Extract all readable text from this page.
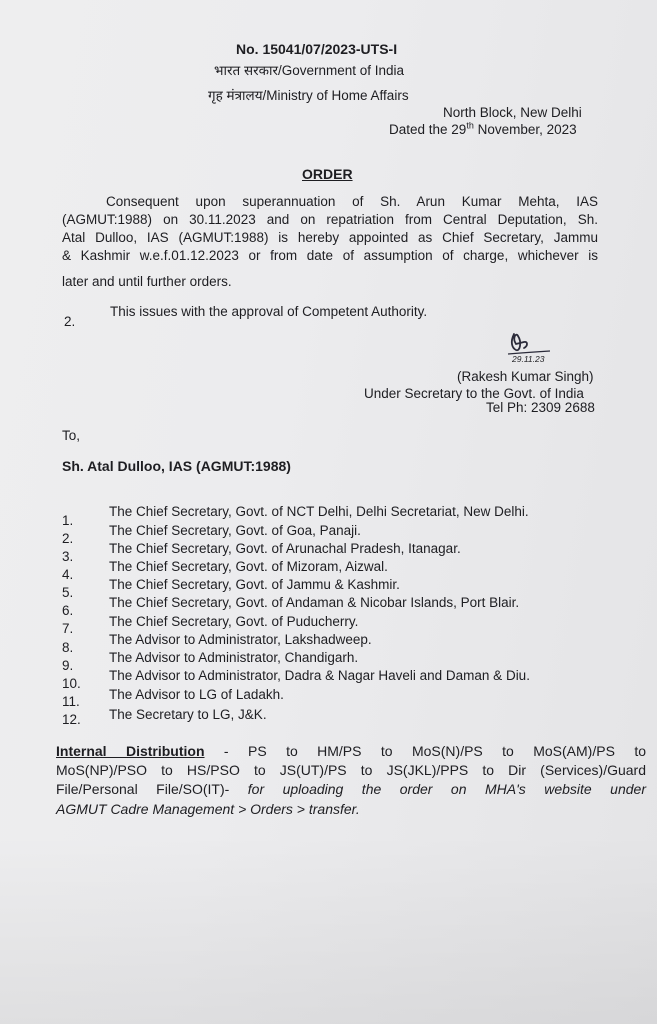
No. 15041/07/2023-UTS-I
भारत सरकार/Government of India
गृह मंत्रालय/Ministry of Home Affairs
North Block, New Delhi
Dated the 29th November, 2023
ORDER
Consequent upon superannuation of Sh. Arun Kumar Mehta, IAS
(AGMUT:1988) on 30.11.2023 and on repatriation from Central Deputation, Sh.
Atal Dulloo, IAS (AGMUT:1988) is hereby appointed as Chief Secretary, Jammu
& Kashmir w.e.f.01.12.2023 or from date of assumption of charge, whichever is
later and until further orders.
2.
This issues with the approval of Competent Authority.
29.11.23
(Rakesh Kumar Singh)
Under Secretary to the Govt. of India
Tel Ph: 2309 2688
To,
Sh. Atal Dulloo, IAS (AGMUT:1988)
1.
The Chief Secretary, Govt. of NCT Delhi, Delhi Secretariat, New Delhi.
2.
The Chief Secretary, Govt. of Goa, Panaji.
3.
The Chief Secretary, Govt. of Arunachal Pradesh, Itanagar.
4.
The Chief Secretary, Govt. of Mizoram, Aizwal.
5.
The Chief Secretary, Govt. of Jammu & Kashmir.
6.
The Chief Secretary, Govt. of Andaman & Nicobar Islands, Port Blair.
7.	The Chief Secretary, Govt. of Puducherry.
8.
The Advisor to Administrator, Lakshadweep.
9.
The Advisor to Administrator, Chandigarh.
10.
The Advisor to Administrator, Dadra & Nagar Haveli and Daman & Diu.
11. The Advisor to LG of Ladakh.
12. The Secretary to LG, J&K.
Internal Distribution - PS to HM/PS to MoS(N)/PS to MoS(AM)/PS to
MoS(NP)/PSO to HS/PSO to JS(UT)/PS to JS(JKL)/PPS to Dir (Services)/Guard
File/Personal File/SO(IT)- for uploading the order on MHA's website under
AGMUT Cadre Management > Orders > transfer.
